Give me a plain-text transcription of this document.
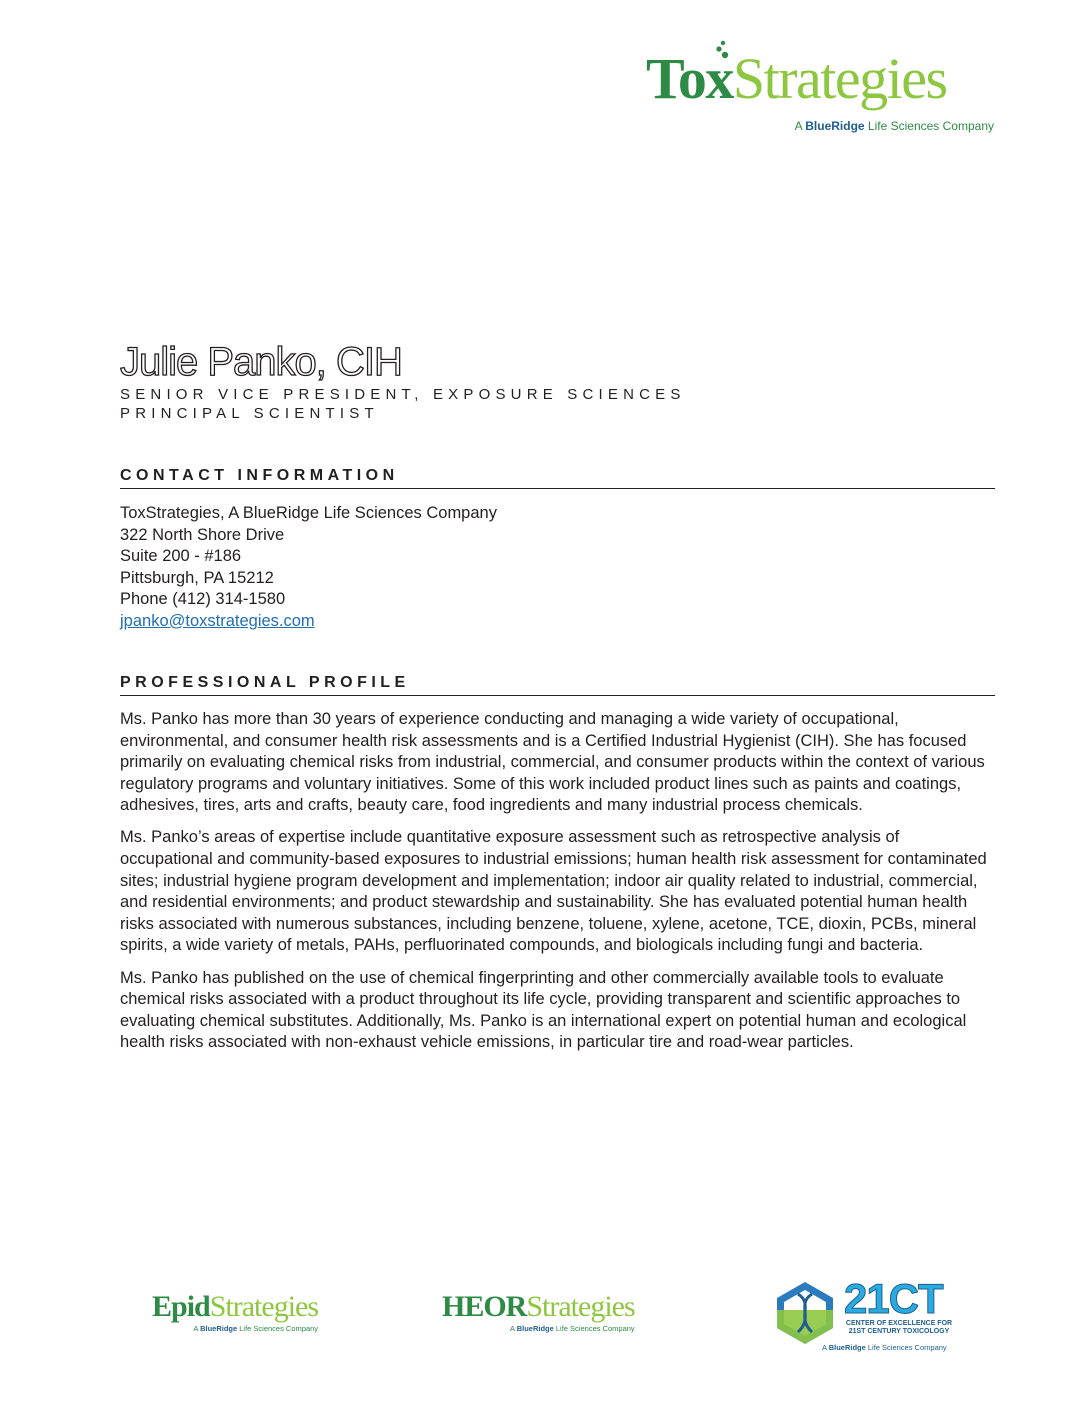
ToxStrategies
A BlueRidge Life Sciences Company
Julie Panko, CIH
SENIOR VICE PRESIDENT, EXPOSURE SCIENCES
PRINCIPAL SCIENTIST
CONTACT INFORMATION
ToxStrategies, A BlueRidge Life Sciences Company
322 North Shore Drive
Suite 200 - #186
Pittsburgh, PA 15212
Phone (412) 314-1580
jpanko@toxstrategies.com
PROFESSIONAL PROFILE

Ms. Panko has more than 30 years of experience conducting and managing a wide variety of occupational, environmental, and consumer health risk assessments and is a Certified Industrial Hygienist (CIH). She has focused primarily on evaluating chemical risks from industrial, commercial, and consumer products within the context of various regulatory programs and voluntary initiatives. Some of this work included product lines such as paints and coatings, adhesives, tires, arts and crafts, beauty care, food ingredients and many industrial process chemicals.

Ms. Panko’s areas of expertise include quantitative exposure assessment such as retrospective analysis of occupational and community-based exposures to industrial emissions; human health risk assessment for contaminated sites; industrial hygiene program development and implementation; indoor air quality related to industrial, commercial, and residential environments; and product stewardship and sustainability. She has evaluated potential human health risks associated with numerous substances, including benzene, toluene, xylene, acetone, TCE, dioxin, PCBs, mineral spirits, a wide variety of metals, PAHs, perfluorinated compounds, and biologicals including fungi and bacteria.

Ms. Panko has published on the use of chemical fingerprinting and other commercially available tools to evaluate chemical risks associated with a product throughout its life cycle, providing transparent and scientific approaches to evaluating chemical substitutes. Additionally, Ms. Panko is an international expert on potential human and ecological health risks associated with non-exhaust vehicle emissions, in particular tire and road-wear particles.

EpidStrategies
A BlueRidge Life Sciences Company
HEORStrategies
A BlueRidge Life Sciences Company
21CT
CENTER OF EXCELLENCE FOR
21ST CENTURY TOXICOLOGY
A BlueRidge Life Sciences Company
